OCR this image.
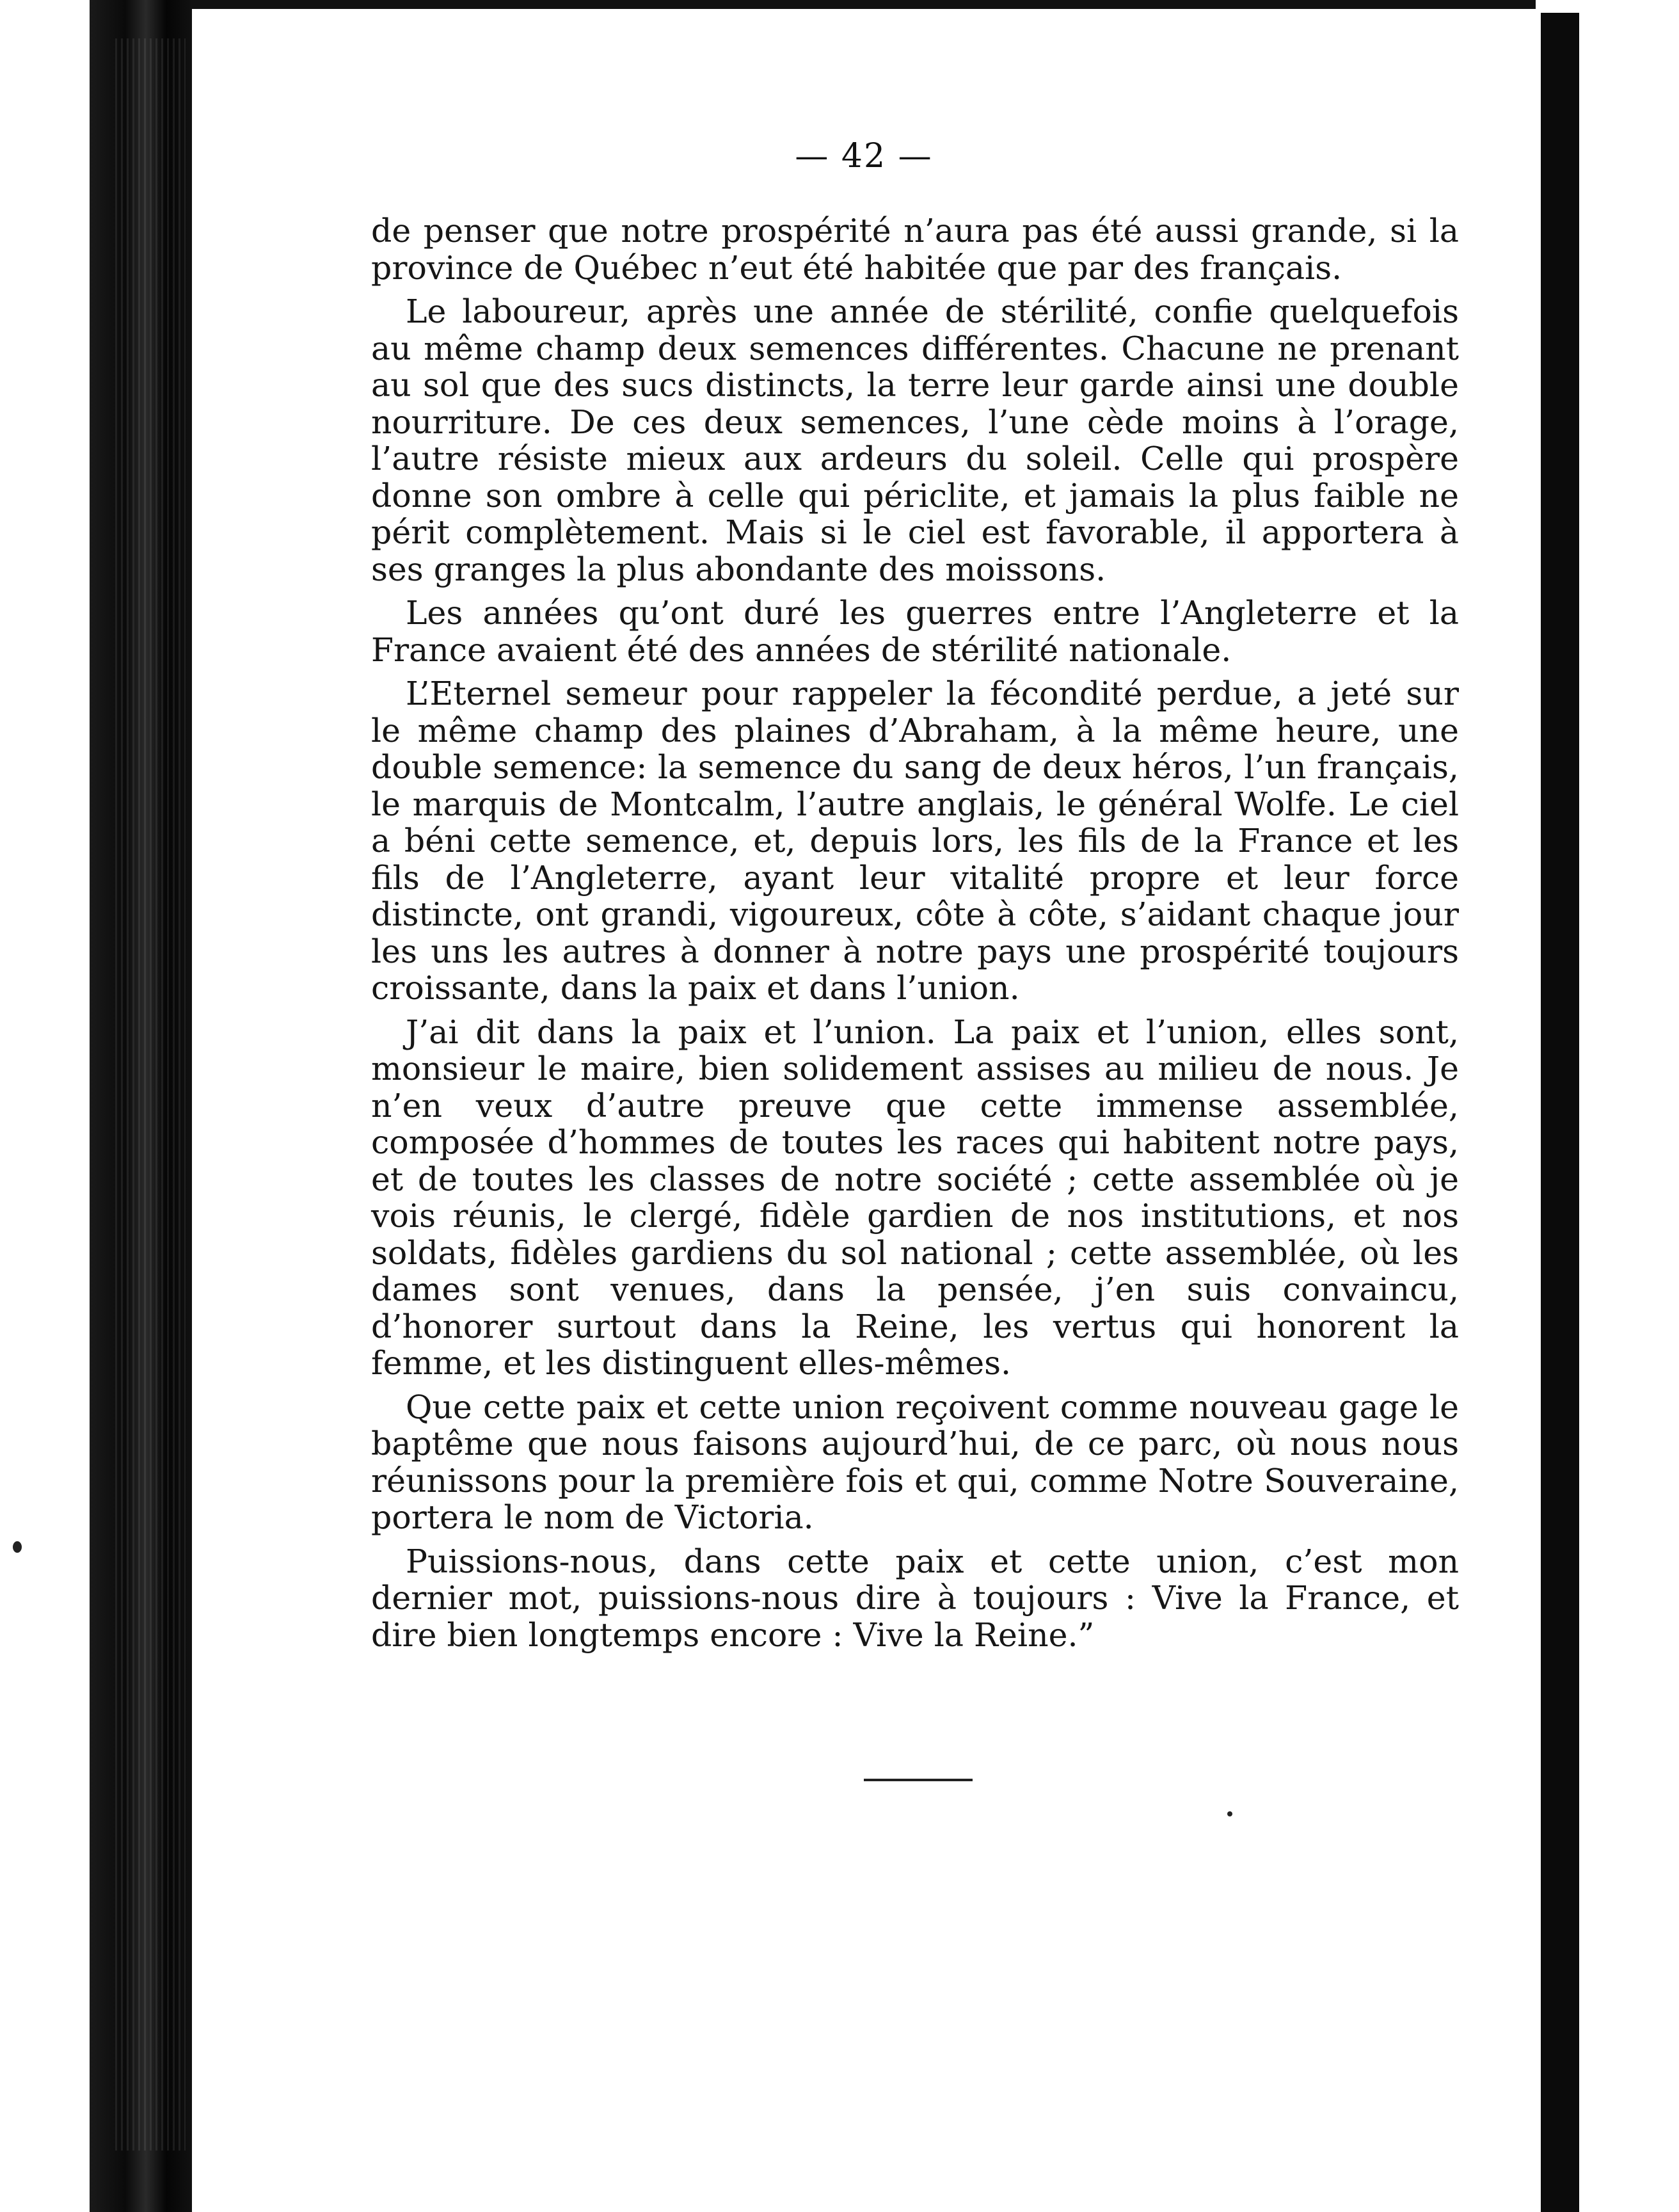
— 42 —

de penser que notre prospérité n’aura pas été aussi grande, si la province de Québec n’eut été habitée que par des français.

Le laboureur, après une année de stérilité, confie quelquefois au même champ deux semences différentes. Chacune ne prenant au sol que des sucs distincts, la terre leur garde ainsi une double nourriture. De ces deux semences, l’une cède moins à l’orage, l’autre résiste mieux aux ardeurs du soleil. Celle qui prospère donne son ombre à celle qui périclite, et jamais la plus faible ne périt complètement. Mais si le ciel est favorable, il apportera à ses granges la plus abondante des moissons.

Les années qu’ont duré les guerres entre l’Angleterre et la France avaient été des années de stérilité nationale.

L’Eternel semeur pour rappeler la fécondité perdue, a jeté sur le même champ des plaines d’Abraham, à la même heure, une double semence: la semence du sang de deux héros, l’un français, le marquis de Montcalm, l’autre anglais, le général Wolfe. Le ciel a béni cette semence, et, depuis lors, les fils de la France et les fils de l’Angleterre, ayant leur vitalité propre et leur force distincte, ont grandi, vigoureux, côte à côte, s’aidant chaque jour les uns les autres à donner à notre pays une prospérité toujours croissante, dans la paix et dans l’union.

J’ai dit dans la paix et l’union. La paix et l’union, elles sont, monsieur le maire, bien solidement assises au milieu de nous. Je n’en veux d’autre preuve que cette immense assemblée, composée d’hommes de toutes les races qui habitent notre pays, et de toutes les classes de notre société ; cette assemblée où je vois réunis, le clergé, fidèle gardien de nos institutions, et nos soldats, fidèles gardiens du sol national ; cette assemblée, où les dames sont venues, dans la pensée, j’en suis convaincu, d’honorer surtout dans la Reine, les vertus qui honorent la femme, et les distinguent elles-mêmes.

Que cette paix et cette union reçoivent comme nouveau gage le baptême que nous faisons aujourd’hui, de ce parc, où nous nous réunissons pour la première fois et qui, comme Notre Souveraine, portera le nom de Victoria.

Puissions-nous, dans cette paix et cette union, c’est mon dernier mot, puissions-nous dire à toujours : Vive la France, et dire bien longtemps encore : Vive la Reine.”
